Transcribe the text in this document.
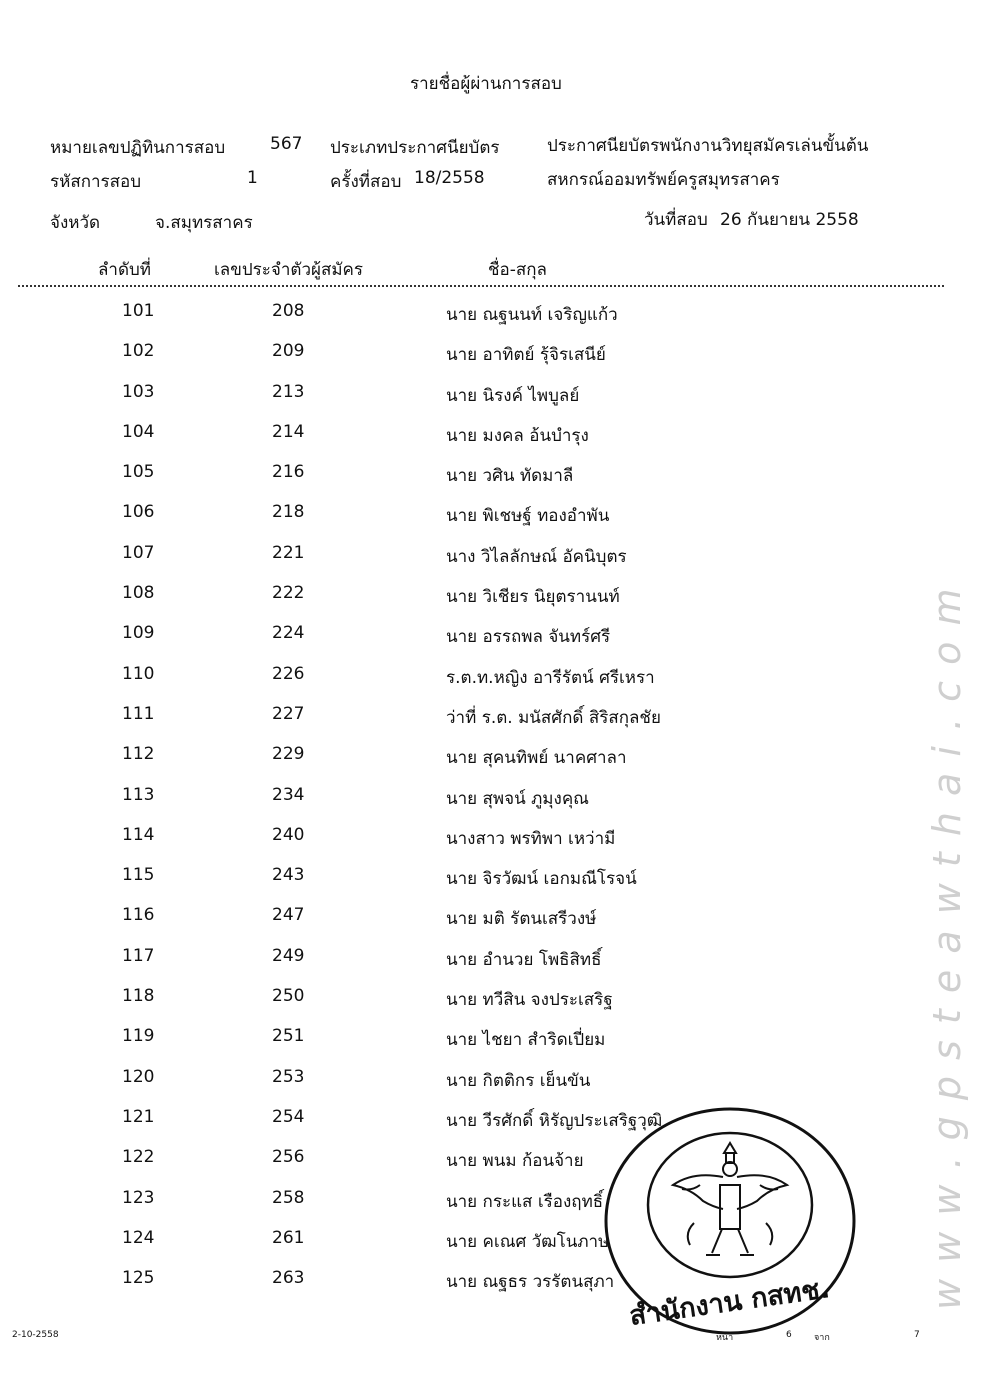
รายชื่อผู้ผ่านการสอบ
หมายเลขปฏิทินการสอบ	567 ประเภทประกาศนียบัตร	ประกาศนียบัตรพนักงานวิทยุสมัครเล่นขั้นต้น
รหัสการสอบ	1	ครั้งที่สอบ 18/2558	สหกรณ์ออมทรัพย์ครูสมุทรสาคร
จังหวัด	จ.สมุทรสาคร	วันที่สอบ 26 กันยายน 2558
ลำดับที่	เลขประจำตัวผู้สมัคร	ชื่อ-สกุล
101	208	นาย ณฐนนท์ เจริญแก้ว
102	209	นาย อาทิตย์ รุ้จิรเสนีย์
103	213	นาย นิรงค์ ไพบูลย์
104	214	นาย มงคล อ้นบำรุง
105	216	นาย วศิน ทัดมาลี
106	218	นาย พิเชษฐ์ ทองอำพัน
107	221	นาง วิไลลักษณ์ อัคนิบุตร
108	222	นาย วิเชียร นิยุตรานนท์
109	224	นาย อรรถพล จันทร์ศรี
110	226	ร.ต.ท.หญิง อารีรัตน์ ศรีเหรา
111	227	ว่าที่ ร.ต. มนัสศักดิ์ สิริสกุลชัย
112	229	นาย สุคนทิพย์ นาคศาลา
113	234	นาย สุพจน์ ภูมุงคุณ
114	240	นางสาว พรทิพา เหว่ามี
115	243	นาย จิรวัฒน์ เอกมณีโรจน์
116	247	นาย มติ รัตนเสรีวงษ์
117	249	นาย อำนวย โพธิสิทธิ์
118	250	นาย ทวีสิน จงประเสริฐ
119	251	นาย ไชยา สำริดเปี่ยม
120	253	นาย กิตติกร เย็นขัน
121	254	นาย วีรศักดิ์ หิรัญประเสริฐวุฒิ
122	256	นาย พนม ก้อนจ้าย
123	258	นาย กระแส เรืองฤทธิ์
124	261	นาย คเณศ วัฒโนภาษ
125	263	นาย ณฐธร วรรัตนสุภา สำนักงาน กสทช.
2-10-2558	หน้า	6 จาก	7
w w w . g p s t e a w t h a i . c o m
